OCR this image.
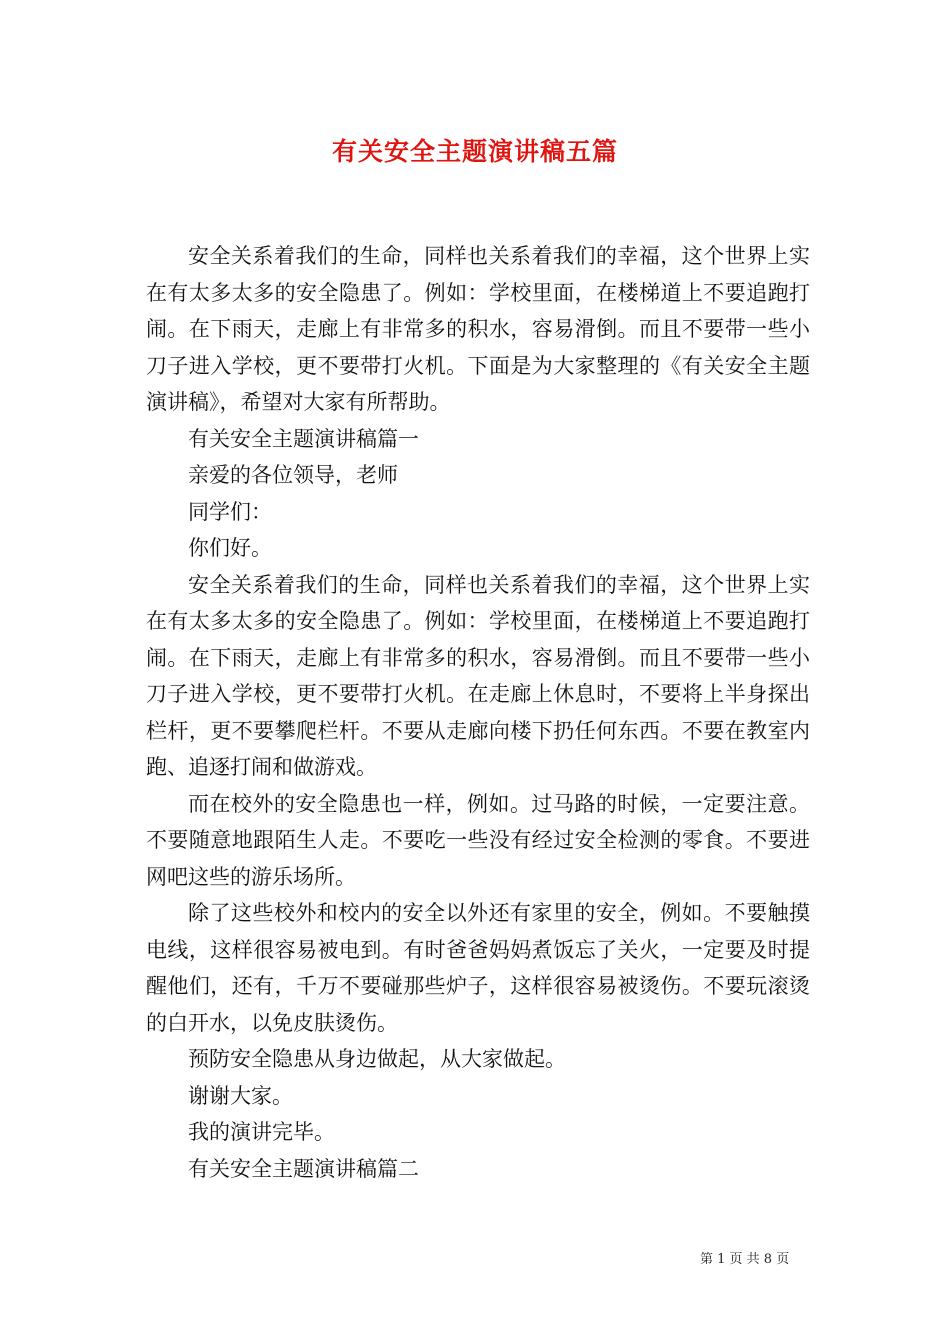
有关安全主题演讲稿五篇

安全关系着我们的生命，同样也关系着我们的幸福，这个世界上实在有太多太多的安全隐患了。例如：学校里面，在楼梯道上不要追跑打闹。在下雨天，走廊上有非常多的积水，容易滑倒。而且不要带一些小刀子进入学校，更不要带打火机。下面是为大家整理的《有关安全主题演讲稿》，希望对大家有所帮助。

有关安全主题演讲稿篇一

亲爱的各位领导，老师

同学们：

你们好。

安全关系着我们的生命，同样也关系着我们的幸福，这个世界上实在有太多太多的安全隐患了。例如：学校里面，在楼梯道上不要追跑打闹。在下雨天，走廊上有非常多的积水，容易滑倒。而且不要带一些小刀子进入学校，更不要带打火机。在走廊上休息时，不要将上半身探出栏杆，更不要攀爬栏杆。不要从走廊向楼下扔任何东西。不要在教室内跑、追逐打闹和做游戏。

而在校外的安全隐患也一样，例如。过马路的时候，一定要注意。不要随意地跟陌生人走。不要吃一些没有经过安全检测的零食。不要进网吧这些的游乐场所。

除了这些校外和校内的安全以外还有家里的安全，例如。不要触摸电线，这样很容易被电到。有时爸爸妈妈煮饭忘了关火，一定要及时提醒他们，还有，千万不要碰那些炉子，这样很容易被烫伤。不要玩滚烫的白开水，以免皮肤烫伤。

预防安全隐患从身边做起，从大家做起。

谢谢大家。

我的演讲完毕。

有关安全主题演讲稿篇二

第 1 页 共 8 页
